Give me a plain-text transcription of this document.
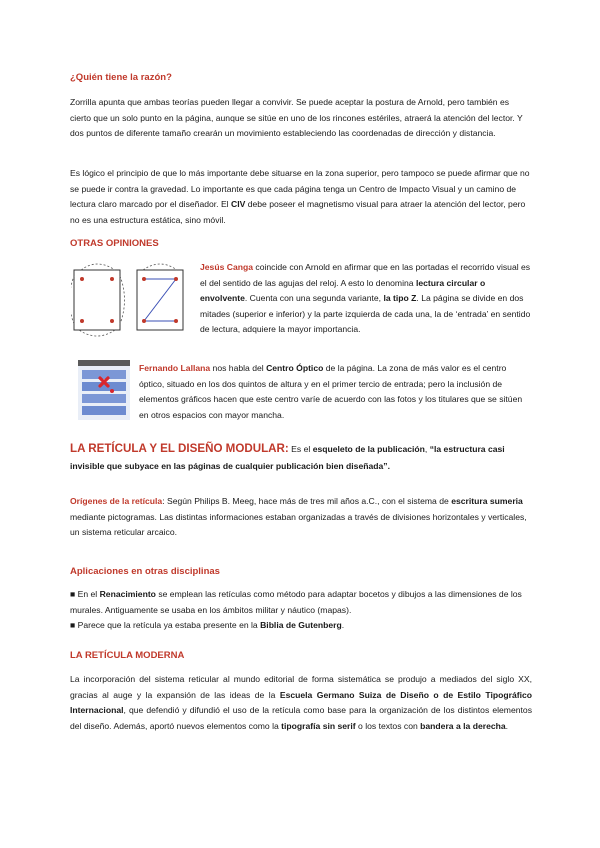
¿Quién tiene la razón?

Zorrilla apunta que ambas teorías pueden llegar a convivir. Se puede aceptar la postura de Arnold, pero también es cierto que un solo punto en la página, aunque se sitúe en uno de los rincones estériles, atraerá la atención del lector. Y dos puntos de diferente tamaño crearán un movimiento estableciendo las coordenadas de dirección y distancia.

Es lógico el principio de que lo más importante debe situarse en la zona superior, pero tampoco se puede afirmar que no se puede ir contra la gravedad. Lo importante es que cada página tenga un Centro de Impacto Visual y un camino de lectura claro marcado por el diseñador. El CIV debe poseer el magnetismo visual para atraer la atención del lector, pero no es una estructura estática, sino móvil.

OTRAS OPINIONES

Jesús Canga coincide con Arnold en afirmar que en las portadas el recorrido visual es el del sentido de las agujas del reloj. A esto lo denomina lectura circular o envolvente. Cuenta con una segunda variante, la tipo Z. La página se divide en dos mitades (superior e inferior) y la parte izquierda de cada una, la de ‘entrada’ en sentido de lectura, adquiere la mayor importancia.

Fernando Lallana nos habla del Centro Óptico de la página. La zona de más valor es el centro óptico, situado en los dos quintos de altura y en el primer tercio de entrada; pero la inclusión de elementos gráficos hacen que este centro varíe de acuerdo con las fotos y los titulares que se sitúen en otros espacios con mayor mancha.

LA RETÍCULA Y EL DISEÑO MODULAR: Es el esqueleto de la publicación, “la estructura casi invisible que subyace en las páginas de cualquier publicación bien diseñada”.

Orígenes de la retícula: Según Philips B. Meeg, hace más de tres mil años a.C., con el sistema de escritura sumeria mediante pictogramas. Las distintas informaciones estaban organizadas a través de divisiones horizontales y verticales, un sistema reticular arcaico.

Aplicaciones en otras disciplinas

■ En el Renacimiento se emplean las retículas como método para adaptar bocetos y dibujos a las dimensiones de los murales. Antiguamente se usaba en los ámbitos militar y náutico (mapas).

■ Parece que la retícula ya estaba presente en la Biblia de Gutenberg.

LA RETÍCULA MODERNA

La incorporación del sistema reticular al mundo editorial de forma sistemática se produjo a mediados del siglo XX, gracias al auge y la expansión de las ideas de la Escuela Germano Suiza de Diseño o de Estilo Tipográfico Internacional, que defendió y difundió el uso de la retícula como base para la organización de los distintos elementos del diseño. Además, aportó nuevos elementos como la tipografía sin serif o los textos con bandera a la derecha.
